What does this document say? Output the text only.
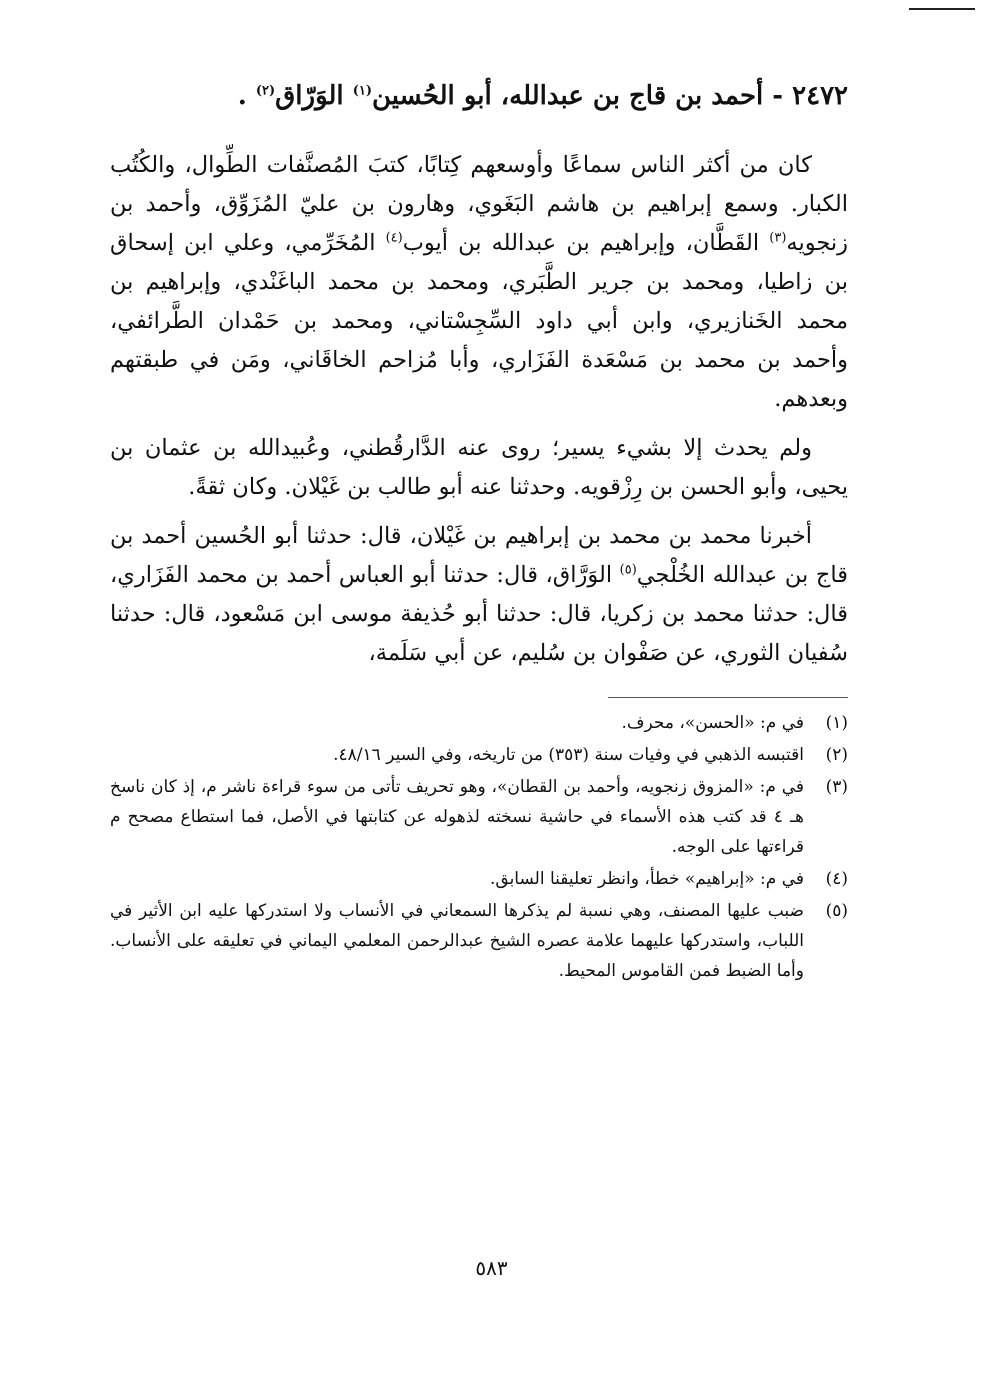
٢٤٧٢ - أحمد بن قاج بن عبدالله، أبو الحُسين$^{(١)}$ الوَرّاق$^{(٢)}$ .

كان من أكثر الناس سماعًا وأوسعهم كِتابًا، كتبَ المُصنَّفات الطِّوال، والكُتُب الكبار. وسمع إبراهيم بن هاشم البَغَوي، وهارون بن عليّ المُزَوِّق، وأحمد بن زنجويه$^{(٣)}$ القَطَّان، وإبراهيم بن عبدالله بن أيوب$^{(٤)}$ المُخَرِّمي، وعلي ابن إسحاق بن زاطيا، ومحمد بن جرير الطَّبَري، ومحمد بن محمد الباغَنْدي، وإبراهيم بن محمد الخَنازيري، وابن أبي داود السِّجِسْتاني، ومحمد بن حَمْدان الطَّرائفي، وأحمد بن محمد بن مَسْعَدة الفَزَاري، وأبا مُزاحم الخاقَاني، ومَن في طبقتهم وبعدهم.

ولم يحدث إلا بشيء يسير؛ روى عنه الدَّارقُطني، وعُبيدالله بن عثمان بن يحيى، وأبو الحسن بن رِزْقويه. وحدثنا عنه أبو طالب بن غَيْلان. وكان ثقةً.

أخبرنا محمد بن محمد بن إبراهيم بن غَيْلان، قال: حدثنا أبو الحُسين أحمد بن قاج بن عبدالله الخُلْجي$^{(٥)}$ الوَرَّاق، قال: حدثنا أبو العباس أحمد بن محمد الفَزَاري، قال: حدثنا محمد بن زكريا، قال: حدثنا أبو حُذيفة موسى ابن مَسْعود، قال: حدثنا سُفيان الثوري، عن صَفْوان بن سُليم، عن أبي سَلَمة،

(١)
في م: «الحسن»، محرف.
(٢)
اقتبسه الذهبي في وفيات سنة (٣٥٣) من تاريخه، وفي السير ٤٨/١٦.
(٣)
في م: «المزوق زنجويه، وأحمد بن القطان»، وهو تحريف تأتى من سوء قراءة ناشر م، إذ كان ناسخ هـ ٤ قد كتب هذه الأسماء في حاشية نسخته لذهوله عن كتابتها في الأصل، فما استطاع مصحح م قراءتها على الوجه.
(٤)
في م: «إبراهيم» خطأ، وانظر تعليقنا السابق.
(٥)
ضبب عليها المصنف، وهي نسبة لم يذكرها السمعاني في الأنساب ولا استدركها عليه ابن الأثير في اللباب، واستدركها عليهما علامة عصره الشيخ عبدالرحمن المعلمي اليماني في تعليقه على الأنساب. وأما الضبط فمن القاموس المحيط.
٥٨٣
